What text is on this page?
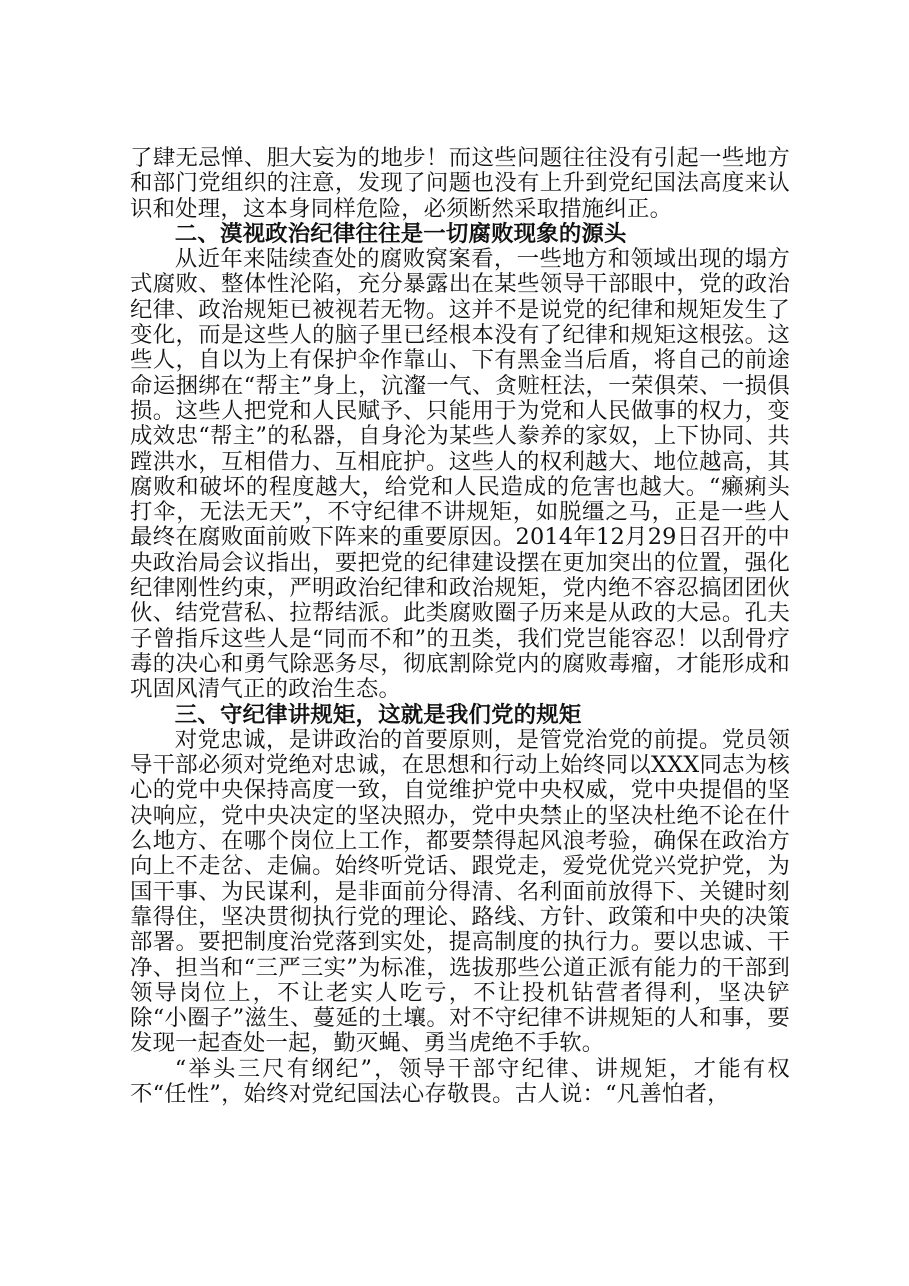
了肆无忌惮、胆大妄为的地步！而这些问题往往没有引起一些地方和部门党组织的注意，发现了问题也没有上升到党纪国法高度来认识和处理，这本身同样危险，必须断然采取措施纠正。

二、漠视政治纪律往往是一切腐败现象的源头

从近年来陆续查处的腐败窝案看，一些地方和领域出现的塌方式腐败、整体性沦陷，充分暴露出在某些领导干部眼中，党的政治纪律、政治规矩已被视若无物。这并不是说党的纪律和规矩发生了变化，而是这些人的脑子里已经根本没有了纪律和规矩这根弦。这些人，自以为上有保护伞作靠山、下有黑金当后盾，将自己的前途命运捆绑在“帮主”身上，沆瀣一气、贪赃枉法，一荣俱荣、一损俱损。这些人把党和人民赋予、只能用于为党和人民做事的权力，变成效忠“帮主”的私器，自身沦为某些人豢养的家奴，上下协同、共蹚洪水，互相借力、互相庇护。这些人的权利越大、地位越高，其腐败和破坏的程度越大，给党和人民造成的危害也越大。“癞痢头打伞，无法无天”，不守纪律不讲规矩，如脱缰之马，正是一些人最终在腐败面前败下阵来的重要原因。2014年12月29日召开的中央政治局会议指出，要把党的纪律建设摆在更加突出的位置，强化纪律刚性约束，严明政治纪律和政治规矩，党内绝不容忍搞团团伙伙、结党营私、拉帮结派。此类腐败圈子历来是从政的大忌。孔夫子曾指斥这些人是“同而不和”的丑类，我们党岂能容忍！以刮骨疗毒的决心和勇气除恶务尽，彻底割除党内的腐败毒瘤，才能形成和巩固风清气正的政治生态。

三、守纪律讲规矩，这就是我们党的规矩

对党忠诚，是讲政治的首要原则，是管党治党的前提。党员领导干部必须对党绝对忠诚，在思想和行动上始终同以XXX同志为核心的党中央保持高度一致，自觉维护党中央权威，党中央提倡的坚决响应，党中央决定的坚决照办，党中央禁止的坚决杜绝不论在什么地方、在哪个岗位上工作，都要禁得起风浪考验，确保在政治方向上不走岔、走偏。始终听党话、跟党走，爱党优党兴党护党，为国干事、为民谋利，是非面前分得清、名利面前放得下、关键时刻靠得住，坚决贯彻执行党的理论、路线、方针、政策和中央的决策部署。要把制度治党落到实处，提高制度的执行力。要以忠诚、干净、担当和“三严三实”为标准，选拔那些公道正派有能力的干部到领导岗位上，不让老实人吃亏，不让投机钻营者得利，坚决铲除“小圈子”滋生、蔓延的土壤。对不守纪律不讲规矩的人和事，要发现一起查处一起，勤灭蝇、勇当虎绝不手软。

“举头三尺有纲纪”，领导干部守纪律、讲规矩，才能有权不“任性”，始终对党纪国法心存敬畏。古人说：“凡善怕者，
